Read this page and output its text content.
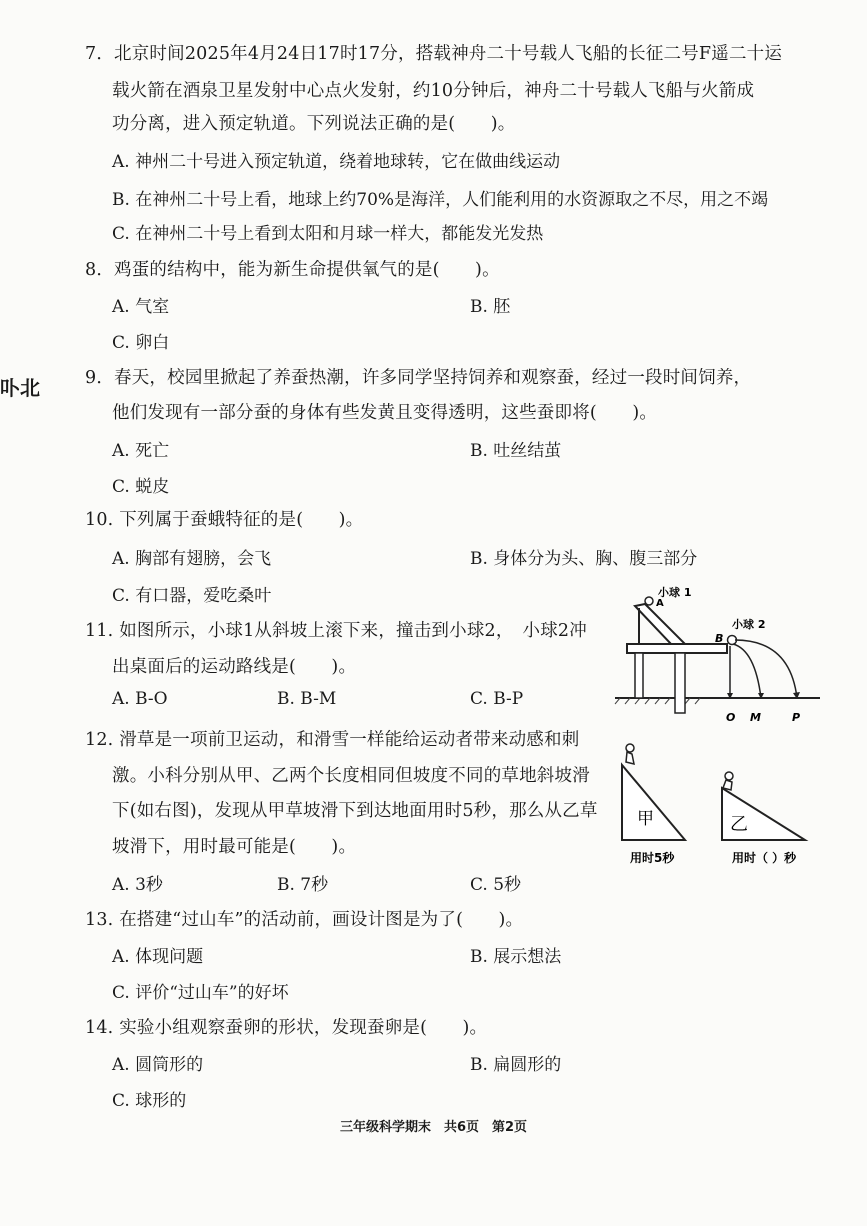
卟北
7．北京时间2025年4月24日17时17分，搭载神舟二十号载人飞船的长征二号F遥二十运
载火箭在酒泉卫星发射中心点火发射，约10分钟后，神舟二十号载人飞船与火箭成
功分离，进入预定轨道。下列说法正确的是(　　)。
A. 神州二十号进入预定轨道，绕着地球转，它在做曲线运动
B. 在神州二十号上看，地球上约70%是海洋，人们能利用的水资源取之不尽，用之不竭
C. 在神州二十号上看到太阳和月球一样大，都能发光发热
8．鸡蛋的结构中，能为新生命提供氧气的是(　　)。
A. 气室	B. 胚
C. 卵白
9．春天，校园里掀起了养蚕热潮，许多同学坚持饲养和观察蚕，经过一段时间饲养，
他们发现有一部分蚕的身体有些发黄且变得透明，这些蚕即将(　　)。
A. 死亡	B. 吐丝结茧
C. 蜕皮
10. 下列属于蚕蛾特征的是(　　)。
A. 胸部有翅膀，会飞	B. 身体分为头、胸、腹三部分
C. 有口器，爱吃桑叶
11. 如图所示，小球1从斜坡上滚下来，撞击到小球2，　小球2冲
出桌面后的运动路线是(　　)。
A. B-O	B. B-M	C. B-P
小球 1
A
B
小球 2
O M	P
12. 滑草是一项前卫运动，和滑雪一样能给运动者带来动感和刺
激。小科分别从甲、乙两个长度相同但坡度不同的草地斜坡滑
下(如右图)，发现从甲草坡滑下到达地面用时5秒，那么从乙草
坡滑下，用时最可能是(　　)。
A. 3秒	B. 7秒	C. 5秒
甲
用时5秒
乙
用时（ ）秒
13. 在搭建“过山车”的活动前，画设计图是为了(　　)。
A. 体现问题	B. 展示想法
C. 评价“过山车”的好坏
14. 实验小组观察蚕卵的形状，发现蚕卵是(　　)。
A. 圆筒形的	B. 扁圆形的
C. 球形的
三年级科学期末　共6页　第2页
